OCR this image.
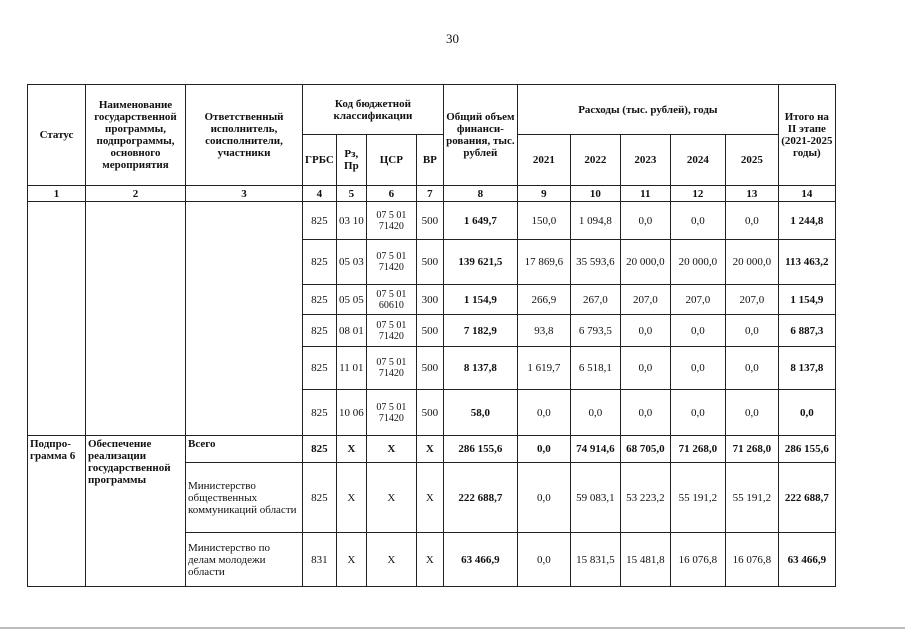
30
Статус	Наименование государственной программы, подпрограммы, основного мероприятия	Ответственный исполнитель, соисполнители, участники	Код бюджетной классификации				Общий объем финанси-рования, тыс. рублей	Расходы (тыс. рублей), годы					Итого на II этапе (2021-2025 годы)
			ГРБС	Рз, Пр	ЦСР	ВР		2021	2022	2023	2024	2025	
1	2	3	4	5	6	7	8	9	10	11	12	13	14
			825	03 10	07 5 01 71420	500	1 649,7	150,0	1 094,8	0,0	0,0	0,0	1 244,8
			825	05 03	07 5 01 71420	500	139 621,5	17 869,6	35 593,6	20 000,0	20 000,0	20 000,0	113 463,2
			825	05 05	07 5 01 60610	300	1 154,9	266,9	267,0	207,0	207,0	207,0	1 154,9
			825	08 01	07 5 01 71420	500	7 182,9	93,8	6 793,5	0,0	0,0	0,0	6 887,3
			825	11 01	07 5 01 71420	500	8 137,8	1 619,7	6 518,1	0,0	0,0	0,0	8 137,8
			825	10 06	07 5 01 71420	500	58,0	0,0	0,0	0,0	0,0	0,0	0,0
Подпро-грамма 6	Обеспечение реализации государственной программы	Всего	825	Х	Х	Х	286 155,6	0,0	74 914,6	68 705,0	71 268,0	71 268,0	286 155,6
		Министерство общественных коммуникаций области	825	Х	Х	Х	222 688,7	0,0	59 083,1	53 223,2	55 191,2	55 191,2	222 688,7
		Министерство по делам молодежи области	831	Х	Х	Х	63 466,9	0,0	15 831,5	15 481,8	16 076,8	16 076,8	63 466,9
